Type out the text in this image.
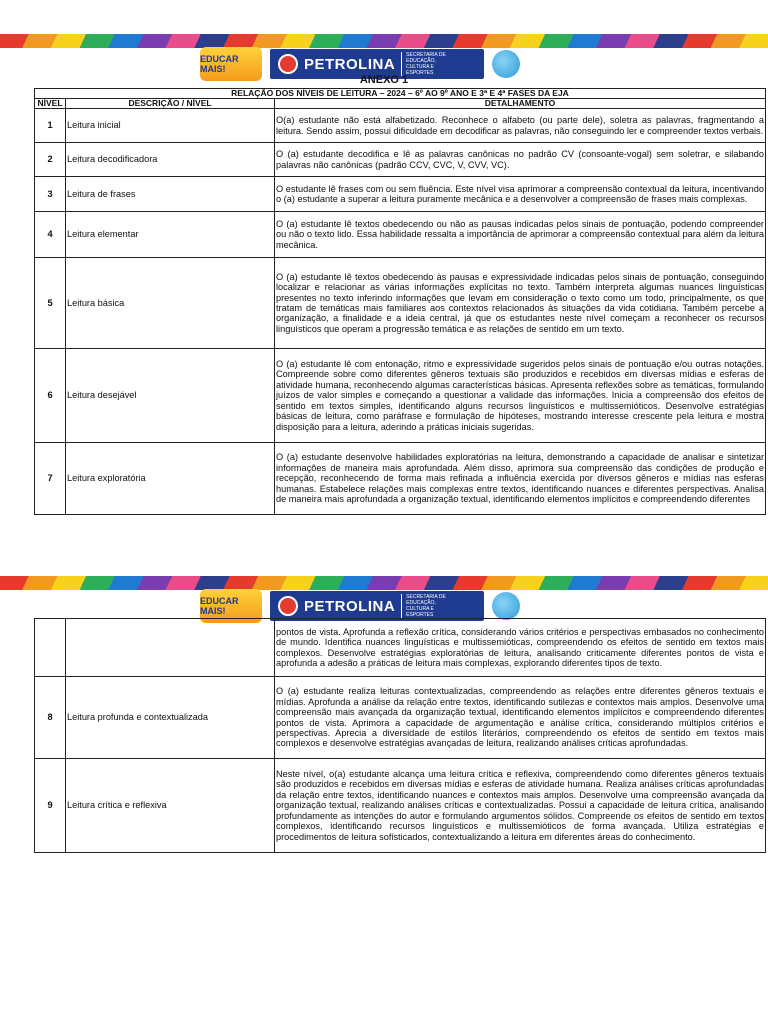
EDUCAR MAIS!	PETROLINA
SECRETARIA DE EDUCAÇÃO, CULTURA E ESPORTES
ANEXO 1
RELAÇÃO DOS NÍVEIS DE LEITURA – 2024 – 6º AO 9º ANO E 3ª E 4ª FASES DA EJA		
NÍVEL	DESCRIÇÃO / NÍVEL	DETALHAMENTO
1	Leitura inicial	O(a) estudante não está alfabetizado. Reconhece o alfabeto (ou parte dele), soletra as palavras, fragmentando a leitura. Sendo assim, possui dificuldade em decodificar as palavras, não conseguindo ler e compreender textos verbais.
2	Leitura decodificadora	O (a) estudante decodifica e lê as palavras canônicas no padrão CV (consoante-vogal) sem soletrar, e silabando palavras não canônicas (padrão CCV, CVC, V, CVV, VC).
3	Leitura de frases	O estudante lê frases com ou sem fluência. Este nível visa aprimorar a compreensão contextual da leitura, incentivando o (a) estudante a superar a leitura puramente mecânica e a desenvolver a compreensão de frases mais complexas.
4	Leitura elementar	O (a) estudante lê textos obedecendo ou não as pausas indicadas pelos sinais de pontuação, podendo compreender ou não o texto lido. Essa habilidade ressalta a importância de aprimorar a compreensão contextual para além da leitura mecânica.
5	Leitura básica	O (a) estudante lê textos obedecendo às pausas e expressividade indicadas pelos sinais de pontuação, conseguindo localizar e relacionar as várias informações explícitas no texto. Também interpreta algumas nuances linguísticas presentes no texto inferindo informações que levam em consideração o texto como um todo, principalmente, os que tratam de temáticas mais familiares aos contextos relacionados às situações da vida cotidiana. Também percebe a organização, a finalidade e a ideia central, já que os estudantes neste nível começam a reconhecer os recursos linguísticos que operam a progressão temática e as relações de sentido em um texto.
6	Leitura desejável	O (a) estudante lê com entonação, ritmo e expressividade sugeridos pelos sinais de pontuação e/ou outras notações. Compreende sobre como diferentes gêneros textuais são produzidos e recebidos em diversas mídias e esferas de atividade humana, reconhecendo algumas características básicas. Apresenta reflexões sobre as temáticas, formulando juízos de valor simples e começando a questionar a validade das informações. Inicia a compreensão dos efeitos de sentido em textos simples, identificando alguns recursos linguísticos e multissemióticos. Desenvolve estratégias básicas de leitura, como paráfrase e formulação de hipóteses, mostrando interesse crescente pela leitura e mostra disposição para a leitura, aderindo a práticas iniciais sugeridas.
7	Leitura exploratória	O (a) estudante desenvolve habilidades exploratórias na leitura, demonstrando a capacidade de analisar e sintetizar informações de maneira mais aprofundada. Além disso, aprimora sua compreensão das condições de produção e recepção, reconhecendo de forma mais refinada a influência exercida por diversos gêneros e mídias nas esferas humanas. Estabelece relações mais complexas entre textos, identificando nuances e diferentes perspectivas. Analisa de maneira mais aprofundada a organização textual, identificando elementos implícitos e compreendendo diferentes
EDUCAR MAIS!	PETROLINA
SECRETARIA DE EDUCAÇÃO, CULTURA E ESPORTES
		pontos de vista. Aprofunda a reflexão crítica, considerando vários critérios e perspectivas embasados no conhecimento de mundo. Identifica nuances linguísticas e multissemióticas, compreendendo os efeitos de sentido em textos mais complexos. Desenvolve estratégias exploratórias de leitura, analisando criticamente diferentes pontos de vista e aprofunda a adesão a práticas de leitura mais complexas, explorando diferentes tipos de texto.
8	Leitura profunda e contextualizada	O (a) estudante realiza leituras contextualizadas, compreendendo as relações entre diferentes gêneros textuais e mídias. Aprofunda a análise da relação entre textos, identificando sutilezas e contextos mais amplos. Desenvolve uma compreensão mais avançada da organização textual, identificando elementos implícitos e compreendendo diferentes pontos de vista. Aprimora a capacidade de argumentação e análise crítica, considerando múltiplos critérios e perspectivas. Aprecia a diversidade de estilos literários, compreendendo os efeitos de sentido em textos mais complexos e desenvolve estratégias avançadas de leitura, realizando análises críticas aprofundadas.
9	Leitura crítica e reflexiva	Neste nível, o(a) estudante alcança uma leitura crítica e reflexiva, compreendendo como diferentes gêneros textuais são produzidos e recebidos em diversas mídias e esferas de atividade humana. Realiza análises críticas aprofundadas da relação entre textos, identificando nuances e contextos mais amplos. Desenvolve uma compreensão avançada da organização textual, realizando análises críticas e contextualizadas. Possui a capacidade de leitura crítica, analisando profundamente as intenções do autor e formulando argumentos sólidos. Compreende os efeitos de sentido em textos complexos, identificando recursos linguísticos e multissemióticos de forma avançada. Utiliza estratégias e procedimentos de leitura sofisticados, contextualizando a leitura em diferentes áreas do conhecimento.
